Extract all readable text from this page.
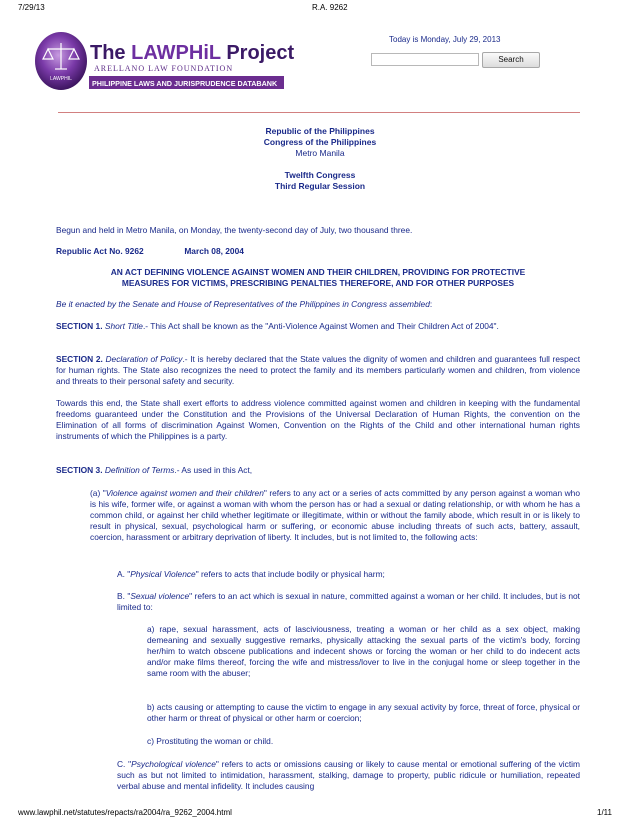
7/29/13	R.A. 9262
LAWPHIL
The LAWPHiL Project
ARELLANO LAW FOUNDATION
PHILIPPINE LAWS AND JURISPRUDENCE DATABANK
Today is Monday, July 29, 2013
Search
Republic of the Philippines
Congress of the Philippines
Metro Manila
Twelfth Congress
Third Regular Session
Begun and held in Metro Manila, on Monday, the twenty-second day of July, two thousand three.
Republic Act No. 9262	March 08, 2004
AN ACT DEFINING VIOLENCE AGAINST WOMEN AND THEIR CHILDREN, PROVIDING FOR PROTECTIVE
MEASURES FOR VICTIMS, PRESCRIBING PENALTIES THEREFORE, AND FOR OTHER PURPOSES
Be it enacted by the Senate and House of Representatives of the Philippines in Congress assembled:
SECTION 1. Short Title.- This Act shall be known as the "Anti-Violence Against Women and Their Children Act of 2004".
SECTION 2. Declaration of Policy.- It is hereby declared that the State values the dignity of women and children and guarantees full respect for human rights. The State also recognizes the need to protect the family and its members particularly women and children, from violence and threats to their personal safety and security.
Towards this end, the State shall exert efforts to address violence committed against women and children in keeping with the fundamental freedoms guaranteed under the Constitution and the Provisions of the Universal Declaration of Human Rights, the convention on the Elimination of all forms of discrimination Against Women, Convention on the Rights of the Child and other international human rights instruments of which the Philippines is a party.
SECTION 3. Definition of Terms.- As used in this Act,
(a) "Violence against women and their children" refers to any act or a series of acts committed by any person against a woman who is his wife, former wife, or against a woman with whom the person has or had a sexual or dating relationship, or with whom he has a common child, or against her child whether legitimate or illegitimate, within or without the family abode, which result in or is likely to result in physical, sexual, psychological harm or suffering, or economic abuse including threats of such acts, battery, assault, coercion, harassment or arbitrary deprivation of liberty. It includes, but is not limited to, the following acts:
A. "Physical Violence" refers to acts that include bodily or physical harm;
B. "Sexual violence" refers to an act which is sexual in nature, committed against a woman or her child. It includes, but is not limited to:
a) rape, sexual harassment, acts of lasciviousness, treating a woman or her child as a sex object, making demeaning and sexually suggestive remarks, physically attacking the sexual parts of the victim's body, forcing her/him to watch obscene publications and indecent shows or forcing the woman or her child to do indecent acts and/or make films thereof, forcing the wife and mistress/lover to live in the conjugal home or sleep together in the same room with the abuser;
b) acts causing or attempting to cause the victim to engage in any sexual activity by force, threat of force, physical or other harm or threat of physical or other harm or coercion;
c) Prostituting the woman or child.
C. "Psychological violence" refers to acts or omissions causing or likely to cause mental or emotional suffering of the victim such as but not limited to intimidation, harassment, stalking, damage to property, public ridicule or humiliation, repeated verbal abuse and mental infidelity. It includes causing
www.lawphil.net/statutes/repacts/ra2004/ra_9262_2004.html	1/11
